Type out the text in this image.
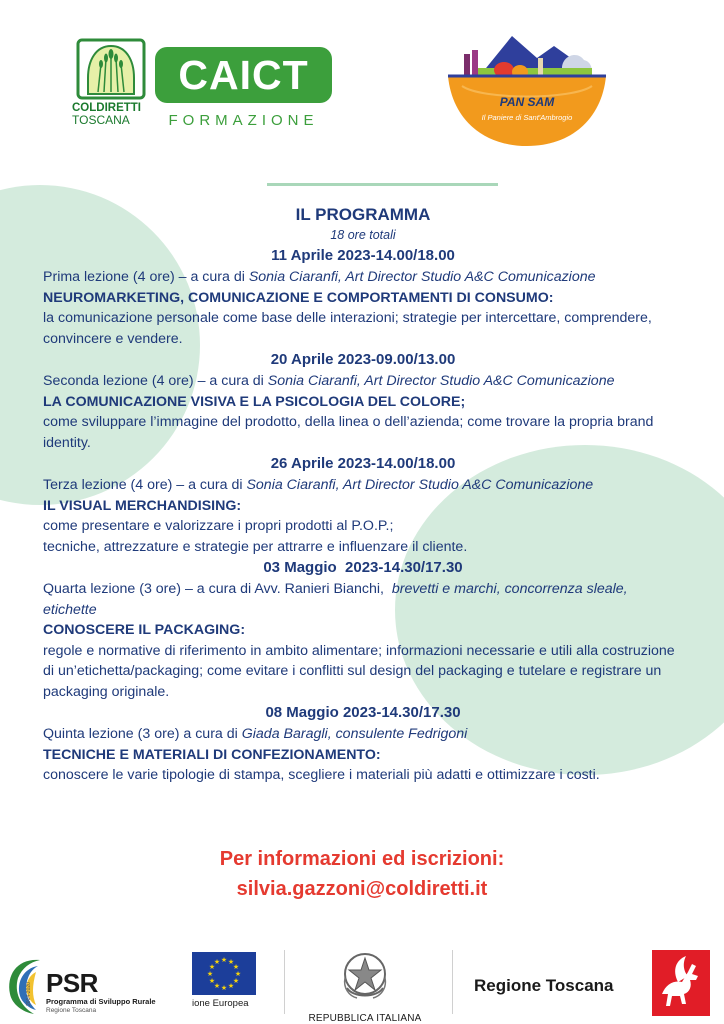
COLDIRETTI
TOSCANA
CAICT
FORMAZIONE
PAN SAM
Il Paniere di Sant'Ambrogio
IL PROGRAMMA
18 ore totali
11 Aprile 2023-14.00/18.00
Prima lezione (4 ore) – a cura di Sonia Ciaranfi, Art Director Studio A&C Comunicazione
NEUROMARKETING, COMUNICAZIONE E COMPORTAMENTI DI CONSUMO:
la comunicazione personale come base delle interazioni; strategie per intercettare, comprendere, convincere e vendere.
20 Aprile 2023-09.00/13.00
Seconda lezione (4 ore) – a cura di Sonia Ciaranfi, Art Director Studio A&C Comunicazione
LA COMUNICAZIONE VISIVA E LA PSICOLOGIA DEL COLORE;
come sviluppare l’immagine del prodotto, della linea o dell’azienda; come trovare la propria brand identity.
26 Aprile 2023-14.00/18.00
Terza lezione (4 ore) – a cura di Sonia Ciaranfi, Art Director Studio A&C Comunicazione
IL VISUAL MERCHANDISING:
come presentare e valorizzare i propri prodotti al P.O.P.;
tecniche, attrezzature e strategie per attrarre e influenzare il cliente.
03 Maggio  2023-14.30/17.30
Quarta lezione (3 ore) – a cura di Avv. Ranieri Bianchi,  brevetti e marchi, concorrenza sleale, etichette
CONOSCERE IL PACKAGING:
regole e normative di riferimento in ambito alimentare; informazioni necessarie e utili alla costruzione di un’etichetta/packaging; come evitare i conflitti sul design del packaging e tutelare e registrare un packaging originale.
08 Maggio 2023-14.30/17.30
Quinta lezione (3 ore) a cura di Giada Baragli, consulente Fedrigoni
TECNICHE E MATERIALI DI CONFEZIONAMENTO:
conoscere le varie tipologie di stampa, scegliere i materiali più adatti e ottimizzare i costi.
Per informazioni ed iscrizioni:
silvia.gazzoni@coldiretti.it
2014-2020 PSR
Programma di Sviluppo Rurale
Regione Toscana
★ ★
★
★
★
★
★
★
★
★
★
★
ione Europea
REPUBBLICA ITALIANA
Regione Toscana
